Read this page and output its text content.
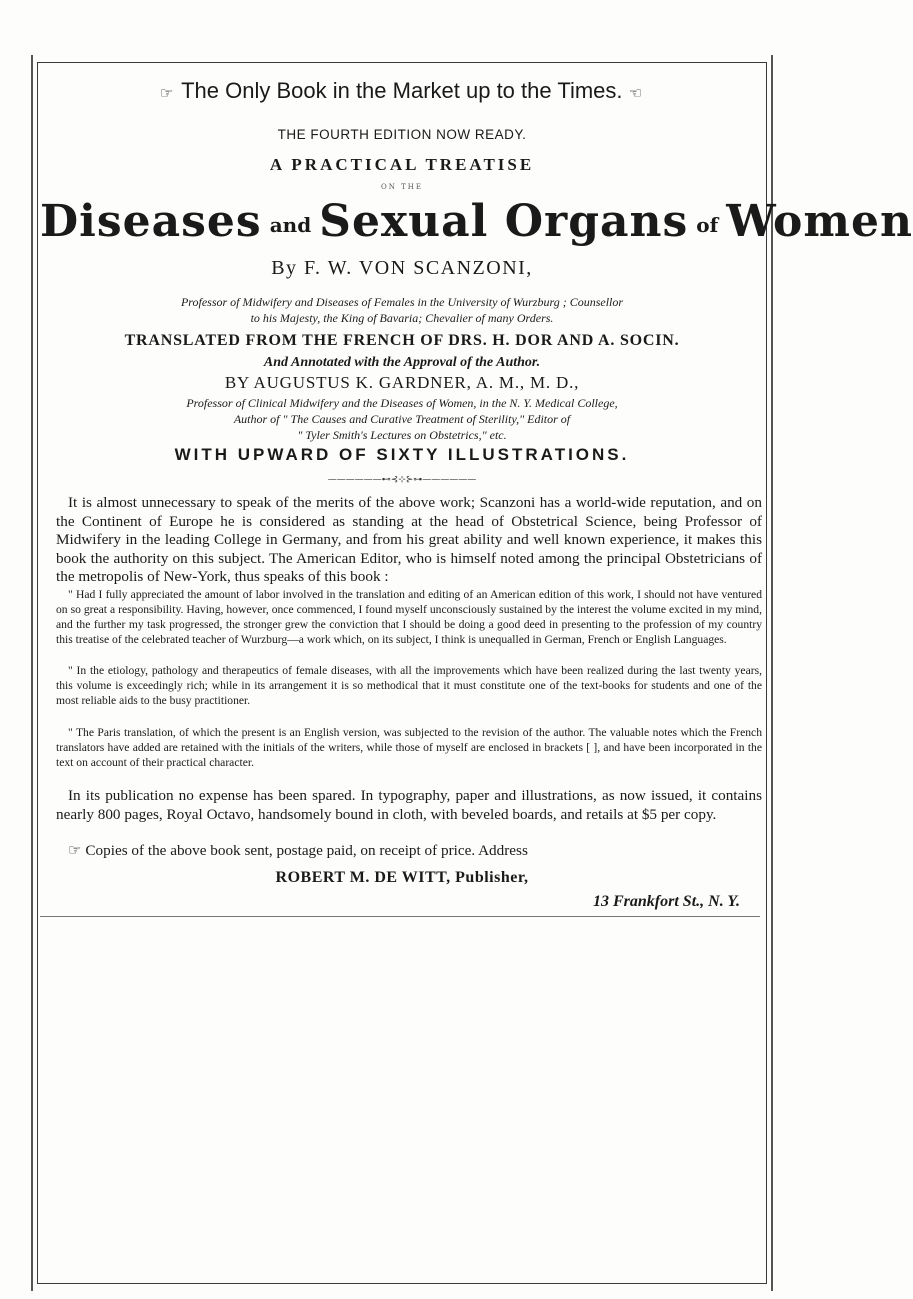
☞ The Only Book in the Market up to the Times. ☜
THE FOURTH EDITION NOW READY.
A PRACTICAL TREATISE
ON THE
Diseases and Sexual Organs of Women
By F. W. VON SCANZONI,
Professor of Midwifery and Diseases of Females in the University of Wurzburg ; Counsellor
to his Majesty, the King of Bavaria; Chevalier of many Orders.
TRANSLATED FROM THE FRENCH OF DRS. H. DOR AND A. SOCIN.
And Annotated with the Approval of the Author.
BY AUGUSTUS K. GARDNER, A. M., M. D.,
Professor of Clinical Midwifery and the Diseases of Women, in the N. Y. Medical College,
Author of " The Causes and Curative Treatment of Sterility," Editor of
" Tyler Smith's Lectures on Obstetrics," etc.
WITH UPWARD OF SIXTY ILLUSTRATIONS.
——————⊷⊰⊹⊱⊶——————

It is almost unnecessary to speak of the merits of the above work; Scanzoni has a world-wide reputation, and on the Continent of Europe he is considered as standing at the head of Obstetrical Science, being Professor of Midwifery in the leading College in Germany, and from his great ability and well known experience, it makes this book the authority on this subject. The American Editor, who is himself noted among the principal Obstetricians of the metropolis of New-York, thus speaks of this book :

" Had I fully appreciated the amount of labor involved in the translation and editing of an American edition of this work, I should not have ventured on so great a responsibility. Having, however, once commenced, I found myself unconsciously sustained by the interest the volume excited in my mind, and the further my task progressed, the stronger grew the conviction that I should be doing a good deed in presenting to the profession of my country this treatise of the celebrated teacher of Wurzburg—a work which, on its subject, I think is unequalled in German, French or English Languages.

" In the etiology, pathology and therapeutics of female diseases, with all the improvements which have been realized during the last twenty years, this volume is exceedingly rich; while in its arrangement it is so methodical that it must constitute one of the text-books for students and one of the most reliable aids to the busy practitioner.

" The Paris translation, of which the present is an English version, was subjected to the revision of the author. The valuable notes which the French translators have added are retained with the initials of the writers, while those of myself are enclosed in brackets [ ], and have been incorporated in the text on account of their practical character.

In its publication no expense has been spared. In typography, paper and illustrations, as now issued, it contains nearly 800 pages, Royal Octavo, handsomely bound in cloth, with beveled boards, and retails at $5 per copy.

☞ Copies of the above book sent, postage paid, on receipt of price. Address

ROBERT M. DE WITT, Publisher,
13 Frankfort St., N. Y.
